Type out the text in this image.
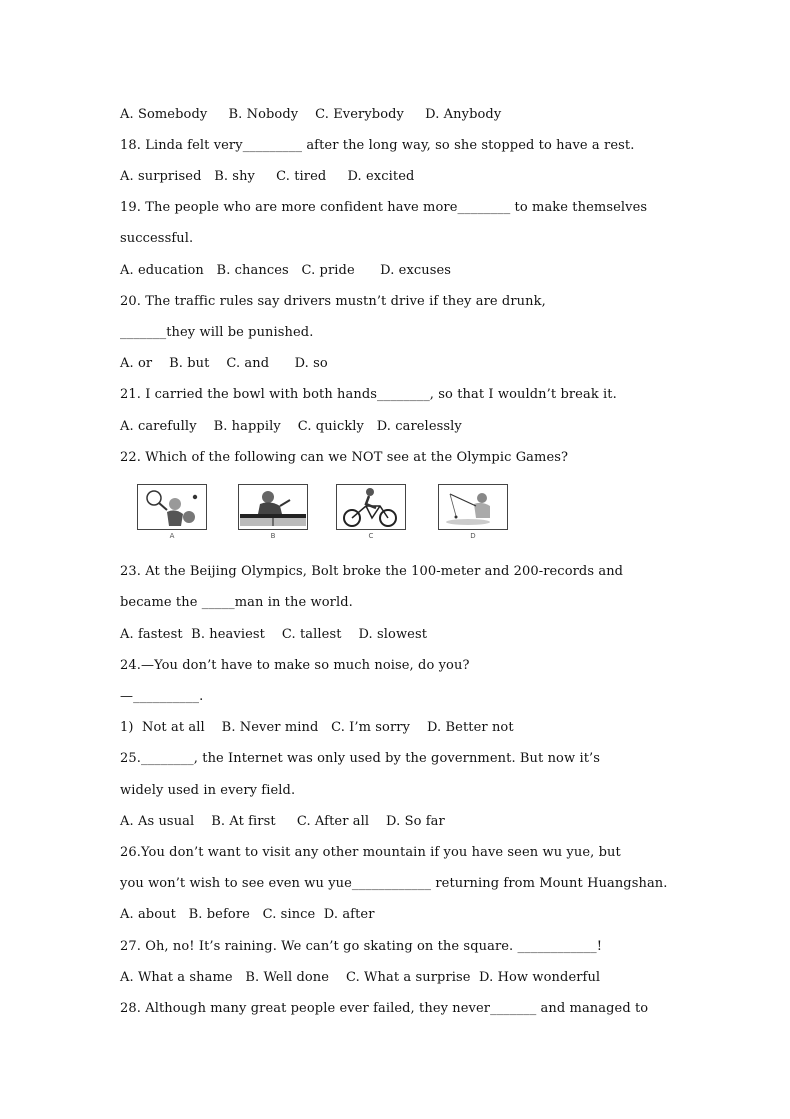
A. Somebody     B. Nobody    C. Everybody     D. Anybody
18. Linda felt very_________ after the long way, so she stopped to have a rest.
A. surprised   B. shy     C. tired     D. excited
19. The people who are more confident have more________ to make themselves
successful.
A. education   B. chances   C. pride      D. excuses
20. The traffic rules say drivers mustn’t drive if they are drunk,
_______they will be punished.
A. or    B. but    C. and      D. so
21. I carried the bowl with both hands________, so that I wouldn’t break it.
A. carefully    B. happily    C. quickly   D. carelessly
22. Which of the following can we NOT see at the Olympic Games?
A	B	C	D
23. At the Beijing Olympics, Bolt broke the 100-meter and 200-records and
became the _____man in the world.
A. fastest  B. heaviest    C. tallest    D. slowest
24.—You don’t have to make so much noise, do you?
—__________.
1)  Not at all    B. Never mind   C. I’m sorry    D. Better not
25.________, the Internet was only used by the government. But now it’s
widely used in every field.
A. As usual    B. At first     C. After all    D. So far
26.You don’t want to visit any other mountain if you have seen wu yue, but
you won’t wish to see even wu yue____________ returning from Mount Huangshan.
A. about   B. before   C. since  D. after
27. Oh, no! It’s raining. We can’t go skating on the square. ____________!
A. What a shame   B. Well done    C. What a surprise  D. How wonderful
28. Although many great people ever failed, they never_______ and managed to
